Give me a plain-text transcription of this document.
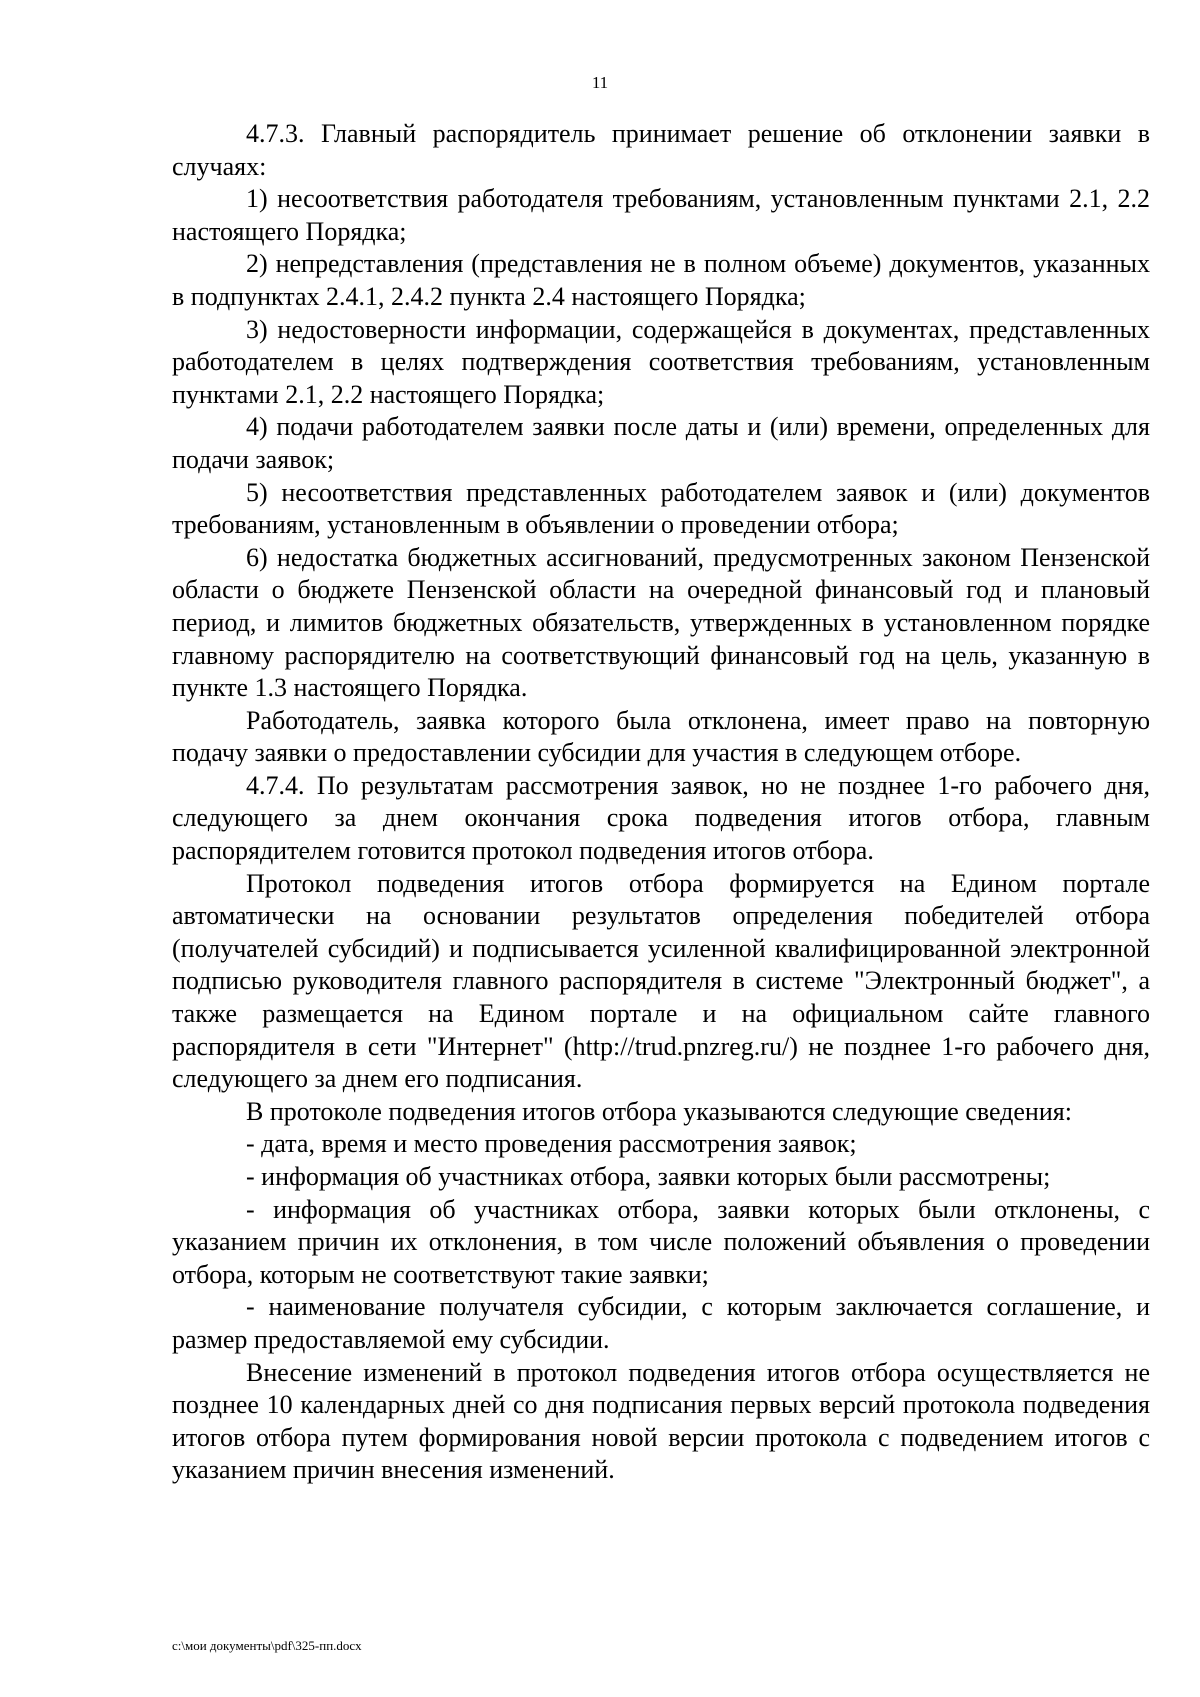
11

4.7.3. Главный распорядитель принимает решение об отклонении заявки в случаях:

1) несоответствия работодателя требованиям, установленным пунктами 2.1, 2.2 настоящего Порядка;

2) непредставления (представления не в полном объеме) документов, указанных в подпунктах 2.4.1, 2.4.2 пункта 2.4 настоящего Порядка;

3) недостоверности информации, содержащейся в документах, представленных работодателем в целях подтверждения соответствия требованиям, установленным пунктами 2.1, 2.2 настоящего Порядка;

4) подачи работодателем заявки после даты и (или) времени, определенных для подачи заявок;

5) несоответствия представленных работодателем заявок и (или) документов требованиям, установленным в объявлении о проведении отбора;

6) недостатка бюджетных ассигнований, предусмотренных законом Пензенской области о бюджете Пензенской области на очередной финансовый год и плановый период, и лимитов бюджетных обязательств, утвержденных в установленном порядке главному распорядителю на соответствующий финансовый год на цель, указанную в пункте 1.3 настоящего Порядка.

Работодатель, заявка которого была отклонена, имеет право на повторную подачу заявки о предоставлении субсидии для участия в следующем отборе.

4.7.4. По результатам рассмотрения заявок, но не позднее 1-го рабочего дня, следующего за днем окончания срока подведения итогов отбора, главным распорядителем готовится протокол подведения итогов отбора.

Протокол подведения итогов отбора формируется на Едином портале автоматически на основании результатов определения победителей отбора (получателей субсидий) и подписывается усиленной квалифицированной электронной подписью руководителя главного распорядителя в системе "Электронный бюджет", а также размещается на Едином портале и на официальном сайте главного распорядителя в сети "Интернет" (http://trud.pnzreg.ru/) не позднее 1-го рабочего дня, следующего за днем его подписания.

В протоколе подведения итогов отбора указываются следующие сведения:

- дата, время и место проведения рассмотрения заявок;

- информация об участниках отбора, заявки которых были рассмотрены;

- информация об участниках отбора, заявки которых были отклонены, с указанием причин их отклонения, в том числе положений объявления о проведении отбора, которым не соответствуют такие заявки;

- наименование получателя субсидии, с которым заключается соглашение, и размер предоставляемой ему субсидии.

Внесение изменений в протокол подведения итогов отбора осуществляется не позднее 10 календарных дней со дня подписания первых версий протокола подведения итогов отбора путем формирования новой версии протокола с подведением итогов с указанием причин внесения изменений.

c:\мои документы\pdf\325-пп.docx
